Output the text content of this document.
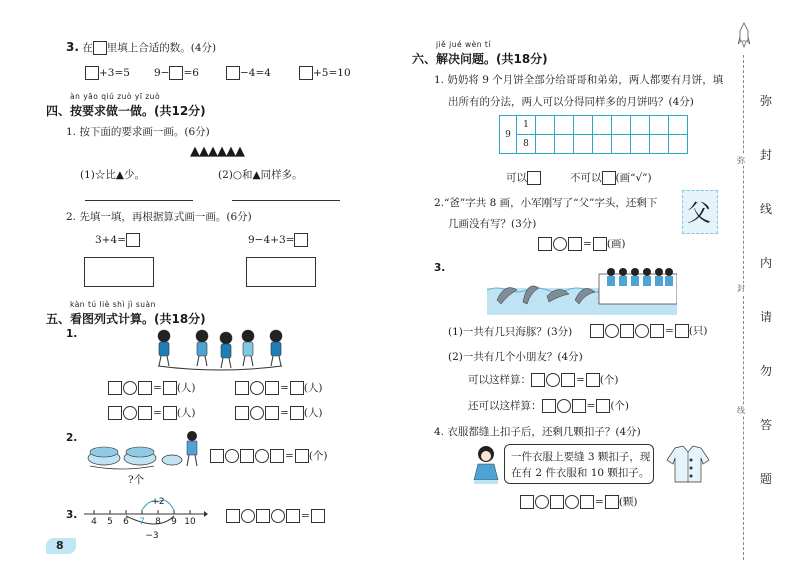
3. 在 里填上合适的数。(4分)
+3=5 9− =6	−4=4	+5=10
àn yāo qiú zuò yī zuò
四、按要求做一做。(共12分)
1. 按下面的要求画一画。(6分)
▲▲▲▲▲▲
(1)☆比▲少。	(2)○和▲同样多。
2. 先填一填，再根据算式画一画。(6分)
3+4=	9−4+3=
kàn tú liè shì jì suàn
五、看图列式计算。(共18分)
1.
= (人)	= (人)
= (人)	= (人)
2.
?个
= (个)
3.
4 5 6 7 8 9 10
+2
−3
=
8
jiě jué wèn tí
六、解决问题。(共18分)
1. 奶奶将 9 个月饼全部分给哥哥和弟弟，两人都要有月饼，填
出所有的分法，两人可以分得同样多的月饼吗？(4分)
9	1								
	8								
可以	不可以 (画“√”)
2.“爸”字共 8 画，小军刚写了“父”字头，还剩下
几画没有写？(3分)	父
= (画)
3.
(1)一共有几只海豚？(3分)	= (只)
(2)一共有几个小朋友？(4分)
可以这样算：	= (个)
还可以这样算：	= (个)
4. 衣服都缝上扣子后，还剩几颗扣子？(4分)
一件衣服上要缝 3 颗扣子，现
在有 2 件衣服和 10 颗扣子。
= (颗)
弥
封
线
内
请
勿
答
题
弥
封
线
